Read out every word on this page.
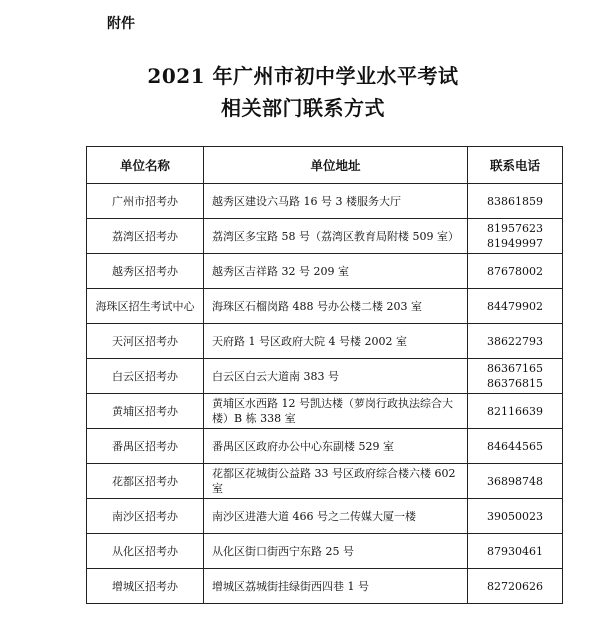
附件
2021 年广州市初中学业水平考试
相关部门联系方式
单位名称	单位地址	联系电话
广州市招考办	越秀区建设六马路 16 号 3 楼服务大厅	83861859

荔湾区招考办	荔湾区多宝路 58 号（荔湾区教育局附楼 509 室）	81957623
81949997

越秀区招考办	越秀区吉祥路 32 号 209 室	87678002

海珠区招生考试中心	海珠区石榴岗路 488 号办公楼二楼 203 室	84479902

天河区招考办	天府路 1 号区政府大院 4 号楼 2002 室	38622793

白云区招考办	白云区白云大道南 383 号	86367165
86376815

黄埔区招考办	黄埔区水西路 12 号凯达楼（萝岗行政执法综合大楼）B 栋 338 室	82116639

番禺区招考办	番禺区区政府办公中心东副楼 529 室	84644565

花都区招考办	花都区花城街公益路 33 号区政府综合楼六楼 602 室	36898748

南沙区招考办	南沙区进港大道 466 号之二传媒大厦一楼	39050023

从化区招考办	从化区街口街西宁东路 25 号	87930461

增城区招考办	增城区荔城街挂绿街西四巷 1 号	82720626
